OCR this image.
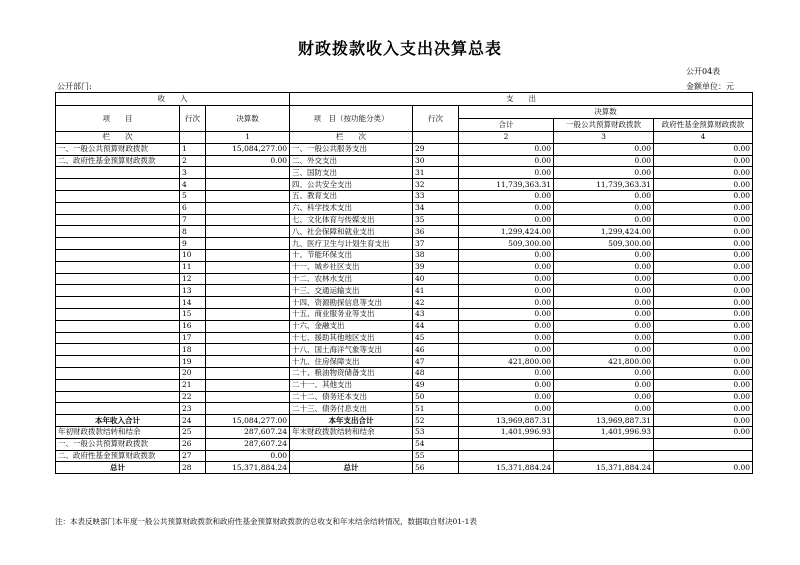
财政拨款收入支出决算总表
公开04表
公开部门:	金额单位：元
收　　入			支　　出				
项　　目	行次	决算数	项　目（按功能分类）	行次	决算数		
					合计	一般公共预算财政拨款	政府性基金预算财政拨款
栏　　次		1	栏　　次		2	3	4
一、一般公共预算财政拨款	1	15,084,277.00	一、一般公共服务支出	29	0.00	0.00	0.00
二、政府性基金预算财政拨款	2	0.00	二、外交支出	30	0.00	0.00	0.00
	3		三、国防支出	31	0.00	0.00	0.00
	4		四、公共安全支出	32	11,739,363.31	11,739,363.31	0.00
	5		五、教育支出	33	0.00	0.00	0.00
	6		六、科学技术支出	34	0.00	0.00	0.00
	7		七、文化体育与传媒支出	35	0.00	0.00	0.00
	8		八、社会保障和就业支出	36	1,299,424.00	1,299,424.00	0.00
	9		九、医疗卫生与计划生育支出	37	509,300.00	509,300.00	0.00
	10		十、节能环保支出	38	0.00	0.00	0.00
	11		十一、城乡社区支出	39	0.00	0.00	0.00
	12		十二、农林水支出	40	0.00	0.00	0.00
	13		十三、交通运输支出	41	0.00	0.00	0.00
	14		十四、资源勘探信息等支出	42	0.00	0.00	0.00
	15		十五、商业服务业等支出	43	0.00	0.00	0.00
	16		十六、金融支出	44	0.00	0.00	0.00
	17		十七、援助其他地区支出	45	0.00	0.00	0.00
	18		十八、国土海洋气象等支出	46	0.00	0.00	0.00
	19		十九、住房保障支出	47	421,800.00	421,800.00	0.00
	20		二十、粮油物资储备支出	48	0.00	0.00	0.00
	21		二十一、其他支出	49	0.00	0.00	0.00
	22		二十二、债务还本支出	50	0.00	0.00	0.00
	23		二十三、债务付息支出	51	0.00	0.00	0.00
本年收入合计	24	15,084,277.00	本年支出合计	52	13,969,887.31	13,969,887.31	0.00
年初财政拨款结转和结余	25	287,607.24	年末财政拨款结转和结余	53	1,401,996.93	1,401,996.93	0.00
一、一般公共预算财政拨款	26	287,607.24		54			
二、政府性基金预算财政拨款	27	0.00		55			
总计	28	15,371,884.24	总计	56	15,371,884.24	15,371,884.24	0.00
注：本表反映部门本年度一般公共预算财政拨款和政府性基金预算财政拨款的总收支和年末结余结转情况，数据取自财决01-1表
